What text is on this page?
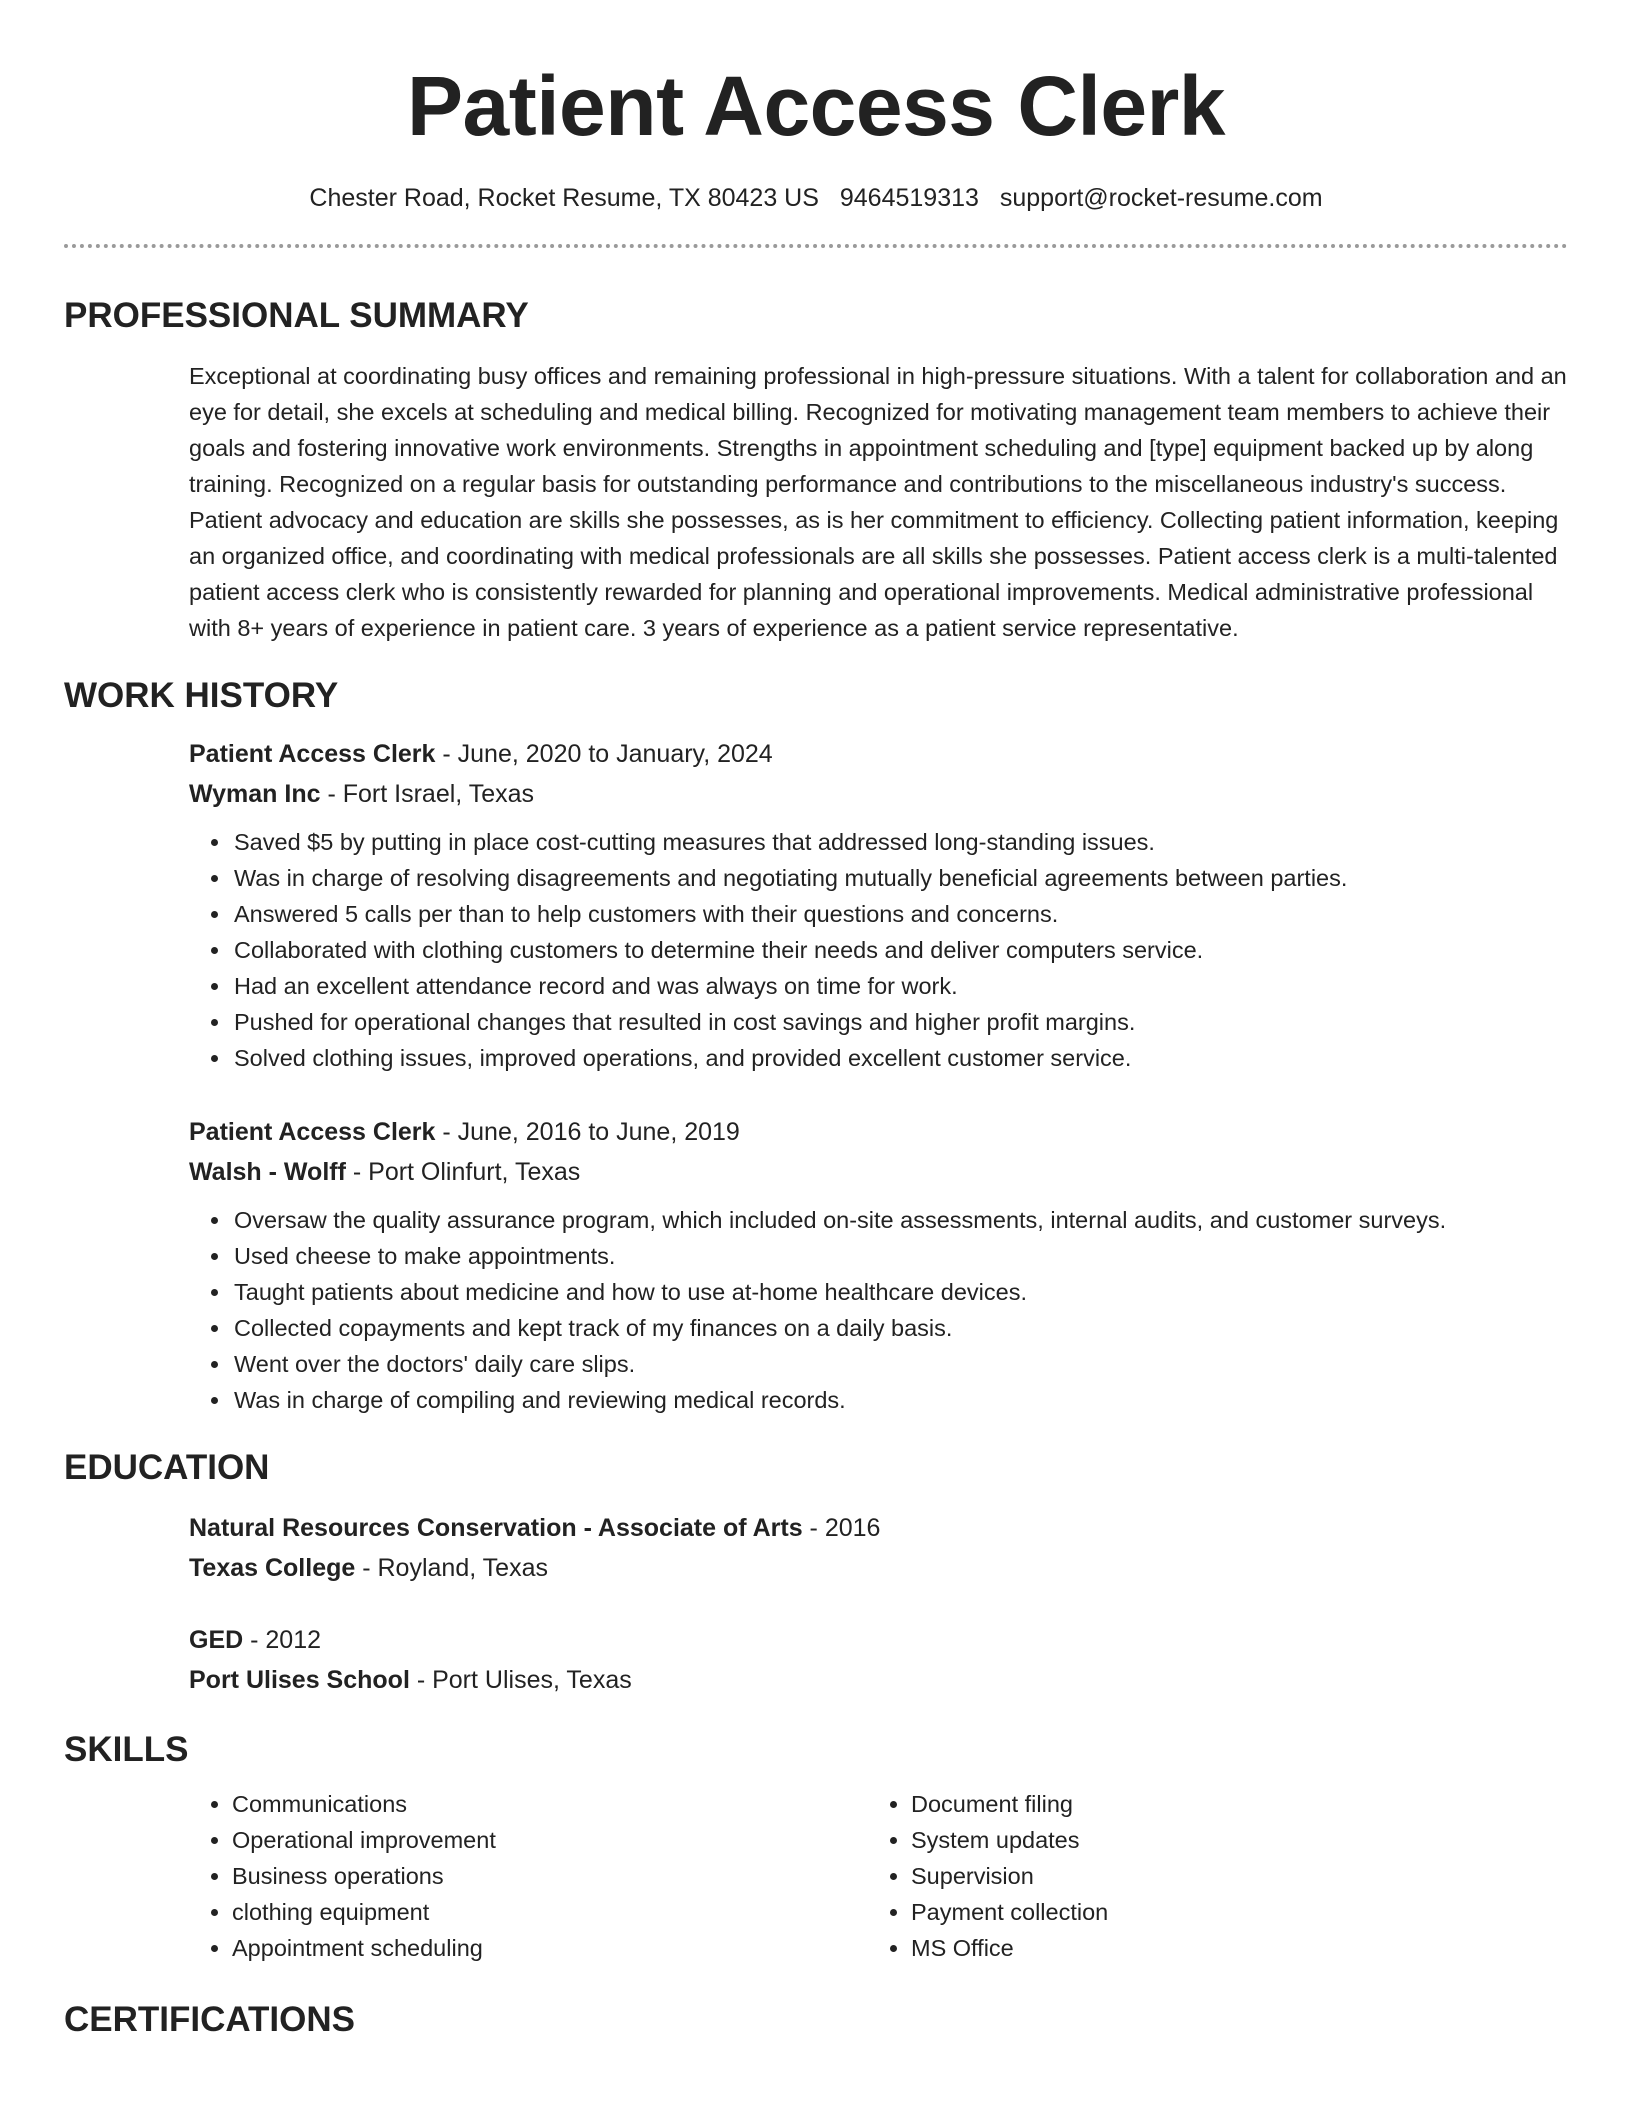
Patient Access Clerk
Chester Road, Rocket Resume, TX 80423 US 9464519313 support@rocket-resume.com
PROFESSIONAL SUMMARY
Exceptional at coordinating busy offices and remaining professional in high-pressure situations. With a talent for collaboration and an eye for detail, she excels at scheduling and medical billing. Recognized for motivating management team members to achieve their goals and fostering innovative work environments. Strengths in appointment scheduling and [type] equipment backed up by along training. Recognized on a regular basis for outstanding performance and contributions to the miscellaneous industry's success. Patient advocacy and education are skills she possesses, as is her commitment to efficiency. Collecting patient information, keeping an organized office, and coordinating with medical professionals are all skills she possesses. Patient access clerk is a multi-talented patient access clerk who is consistently rewarded for planning and operational improvements. Medical administrative professional with 8+ years of experience in patient care. 3 years of experience as a patient service representative.
WORK HISTORY
Patient Access Clerk - June, 2020 to January, 2024
Wyman Inc - Fort Israel, Texas
• Saved $5 by putting in place cost-cutting measures that addressed long-standing issues.
• Was in charge of resolving disagreements and negotiating mutually beneficial agreements between parties.
• Answered 5 calls per than to help customers with their questions and concerns.
• Collaborated with clothing customers to determine their needs and deliver computers service.
• Had an excellent attendance record and was always on time for work.
• Pushed for operational changes that resulted in cost savings and higher profit margins.
• Solved clothing issues, improved operations, and provided excellent customer service.
Patient Access Clerk - June, 2016 to June, 2019
Walsh - Wolff - Port Olinfurt, Texas
• Oversaw the quality assurance program, which included on-site assessments, internal audits, and customer surveys.
• Used cheese to make appointments.
• Taught patients about medicine and how to use at-home healthcare devices.
• Collected copayments and kept track of my finances on a daily basis.
• Went over the doctors' daily care slips.
• Was in charge of compiling and reviewing medical records.
EDUCATION
Natural Resources Conservation - Associate of Arts - 2016
Texas College - Royland, Texas
GED - 2012
Port Ulises School - Port Ulises, Texas
SKILLS
• Communications
• Operational improvement
• Business operations
• clothing equipment
• Appointment scheduling
• Document filing
• System updates
• Supervision
• Payment collection
• MS Office
CERTIFICATIONS
